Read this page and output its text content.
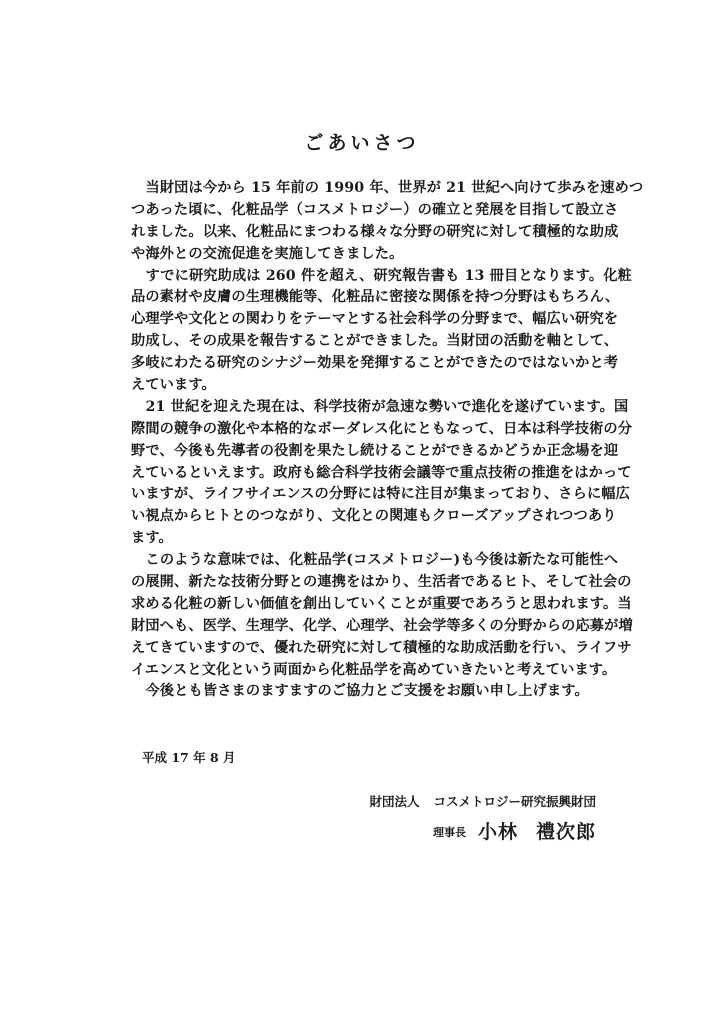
ごあいさつ
当財団は今から 15 年前の 1990 年、世界が 21 世紀へ向けて歩みを速めつ
つあった頃に、化粧品学（コスメトロジー）の確立と発展を目指して設立さ
れました。以来、化粧品にまつわる様々な分野の研究に対して積極的な助成
や海外との交流促進を実施してきました。
すでに研究助成は 260 件を超え、研究報告書も 13 冊目となります。化粧
品の素材や皮膚の生理機能等、化粧品に密接な関係を持つ分野はもちろん、
心理学や文化との関わりをテーマとする社会科学の分野まで、幅広い研究を
助成し、その成果を報告することができました。当財団の活動を軸として、
多岐にわたる研究のシナジー効果を発揮することができたのではないかと考
えています。
21 世紀を迎えた現在は、科学技術が急速な勢いで進化を遂げています。国
際間の競争の激化や本格的なボーダレス化にともなって、日本は科学技術の分
野で、今後も先導者の役割を果たし続けることができるかどうか正念場を迎
えているといえます。政府も総合科学技術会議等で重点技術の推進をはかって
いますが、ライフサイエンスの分野には特に注目が集まっており、さらに幅広
い視点からヒトとのつながり、文化との関連もクローズアップされつつあり
ます。
このような意味では、化粧品学(コスメトロジー)も今後は新たな可能性へ
の展開、新たな技術分野との連携をはかり、生活者であるヒト、そして社会の
求める化粧の新しい価値を創出していくことが重要であろうと思われます。当
財団へも、医学、生理学、化学、心理学、社会学等多くの分野からの応募が増
えてきていますので、優れた研究に対して積極的な助成活動を行い、ライフサ
イエンスと文化という両面から化粧品学を高めていきたいと考えています。
今後とも皆さまのますますのご協力とご支援をお願い申し上げます。
平成 17 年 8 月
財団法人 コスメトロジー研究振興財団
理事長 小林 禮次郎
